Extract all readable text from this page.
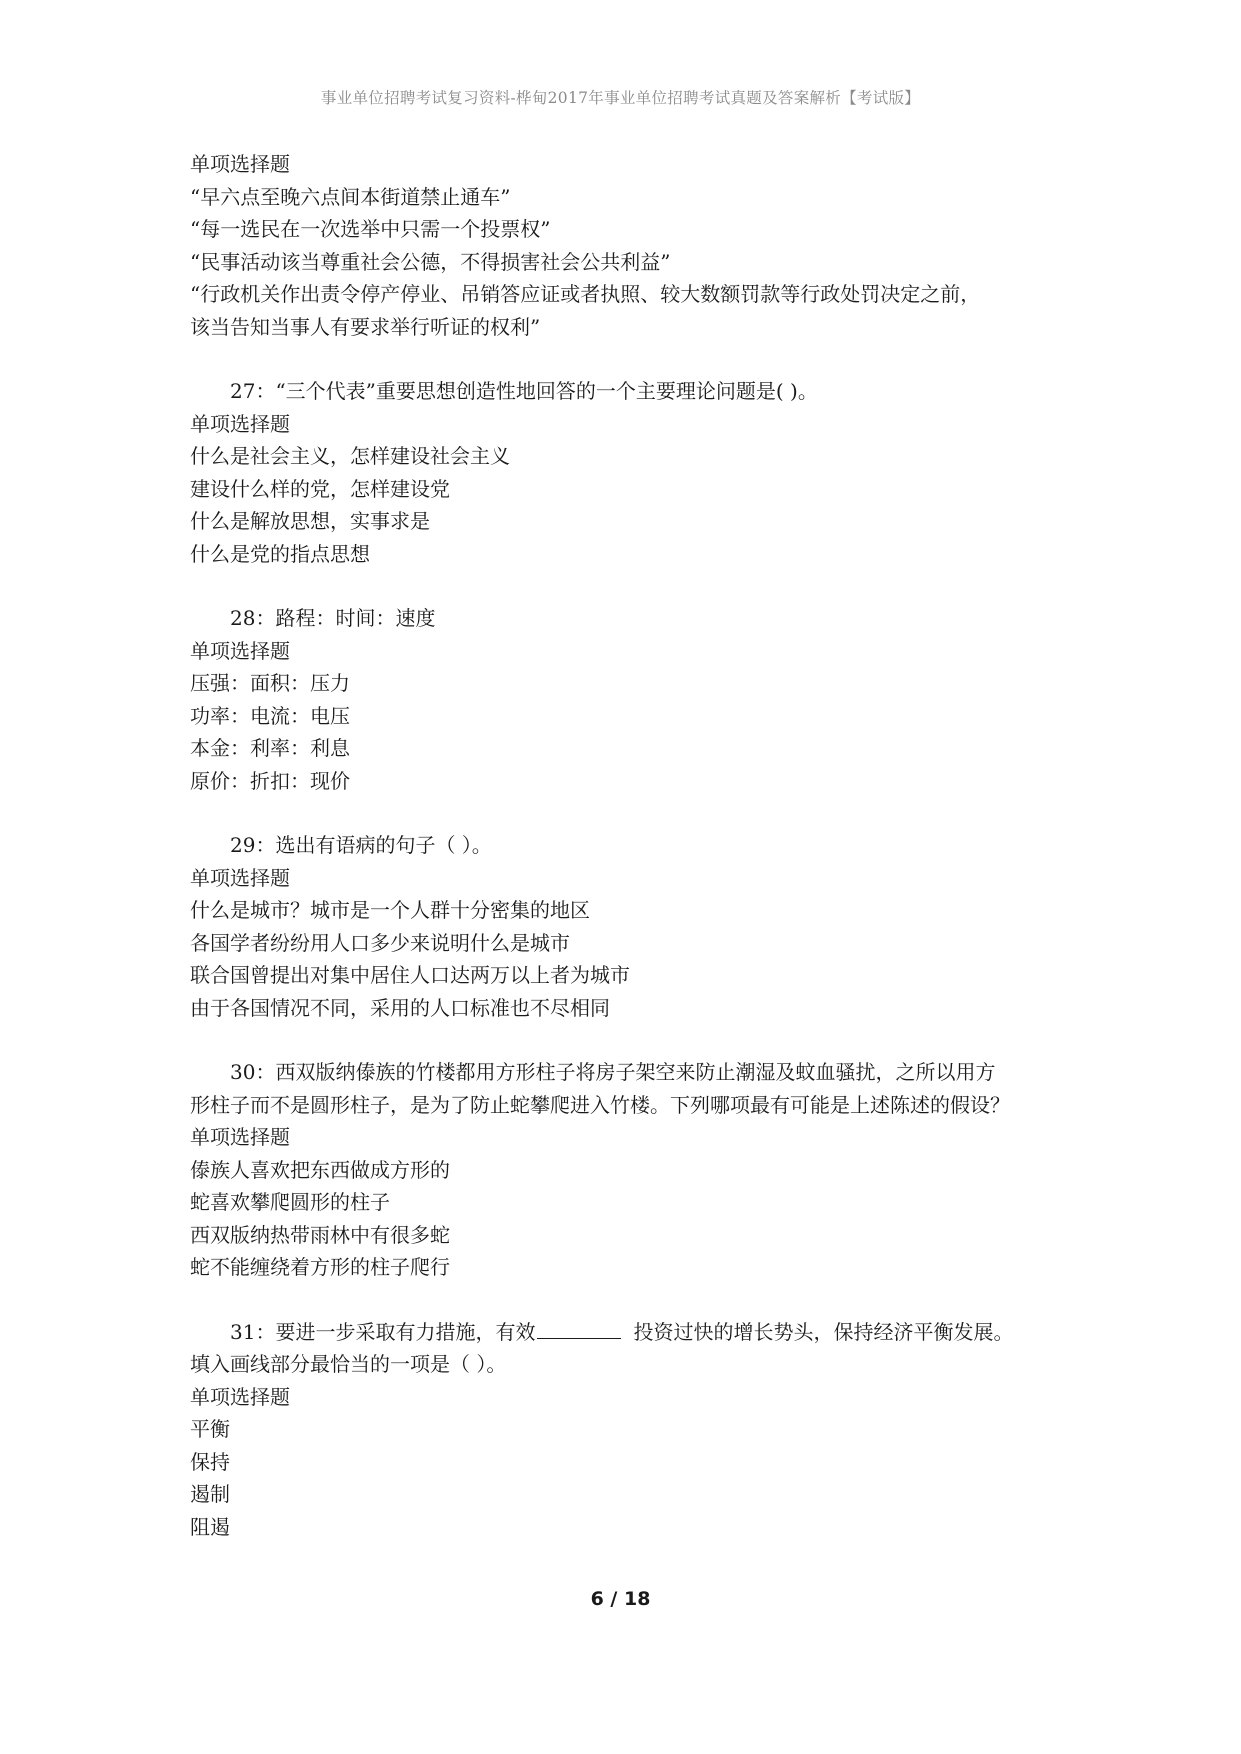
事业单位招聘考试复习资料-桦甸2017年事业单位招聘考试真题及答案解析【考试版】
单项选择题
“早六点至晚六点间本街道禁止通车”
“每一选民在一次选举中只需一个投票权”
“民事活动该当尊重社会公德，不得损害社会公共利益”
“行政机关作出责令停产停业、吊销答应证或者执照、较大数额罚款等行政处罚决定之前，
该当告知当事人有要求举行听证的权利”
27：“三个代表”重要思想创造性地回答的一个主要理论问题是( )。
单项选择题
什么是社会主义，怎样建设社会主义
建设什么样的党，怎样建设党
什么是解放思想，实事求是
什么是党的指点思想
28：路程：时间：速度
单项选择题
压强：面积：压力
功率：电流：电压
本金：利率：利息
原价：折扣：现价
29：选出有语病的句子（ ）。
单项选择题
什么是城市？城市是一个人群十分密集的地区
各国学者纷纷用人口多少来说明什么是城市
联合国曾提出对集中居住人口达两万以上者为城市
由于各国情况不同，采用的人口标准也不尽相同
30：西双版纳傣族的竹楼都用方形柱子将房子架空来防止潮湿及蚊血骚扰，之所以用方
形柱子而不是圆形柱子，是为了防止蛇攀爬进入竹楼。下列哪项最有可能是上述陈述的假设？
单项选择题
傣族人喜欢把东西做成方形的
蛇喜欢攀爬圆形的柱子
西双版纳热带雨林中有很多蛇
蛇不能缠绕着方形的柱子爬行
31：要进一步采取有力措施，有效	投资过快的增长势头，保持经济平衡发展。
填入画线部分最恰当的一项是（ ）。
单项选择题
平衡
保持
遏制
阻遏
6 / 18
